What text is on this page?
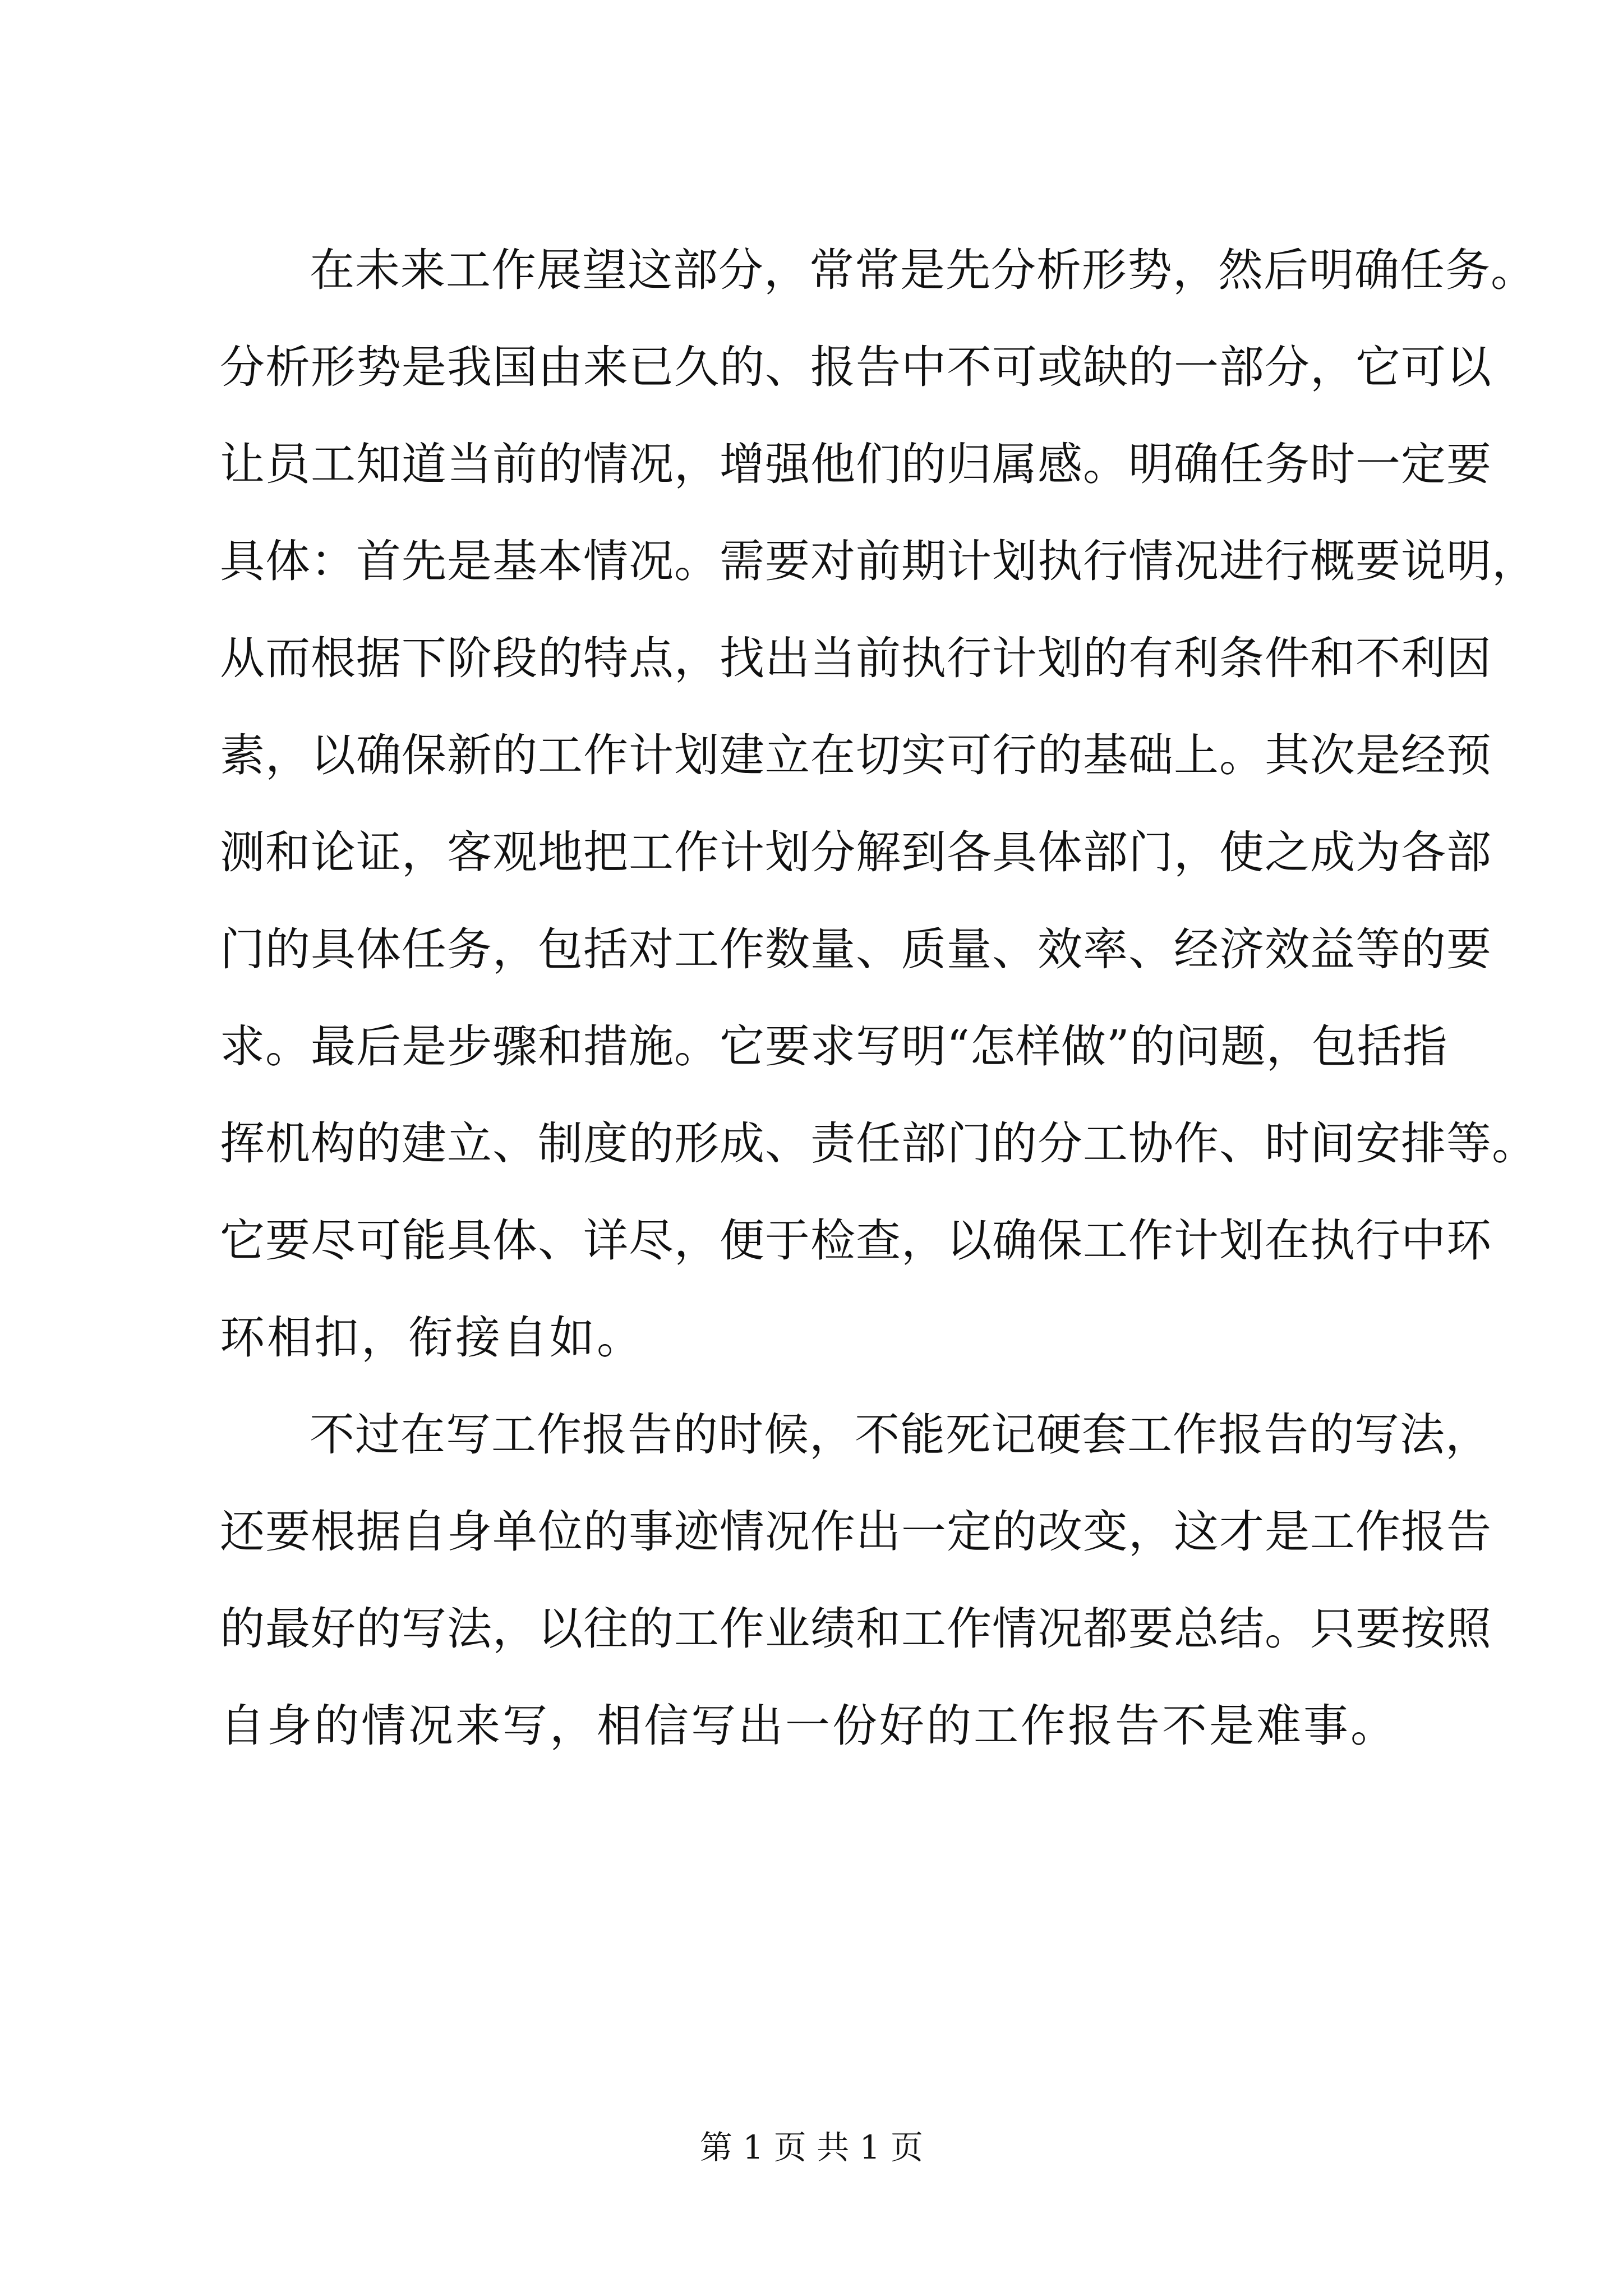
在未来工作展望这部分，常常是先分析形势，然后明确任务。
分析形势是我国由来已久的、报告中不可或缺的一部分，它可以
让员工知道当前的情况，增强他们的归属感。明确任务时一定要
具体：首先是基本情况。需要对前期计划执行情况进行概要说明，
从而根据下阶段的特点，找出当前执行计划的有利条件和不利因
素，以确保新的工作计划建立在切实可行的基础上。其次是经预
测和论证，客观地把工作计划分解到各具体部门，使之成为各部
门的具体任务，包括对工作数量、质量、效率、经济效益等的要
求。最后是步骤和措施。它要求写明“怎样做”的问题，包括指
挥机构的建立、制度的形成、责任部门的分工协作、时间安排等。
它要尽可能具体、详尽，便于检查，以确保工作计划在执行中环
环相扣，衔接自如。
不过在写工作报告的时候，不能死记硬套工作报告的写法，
还要根据自身单位的事迹情况作出一定的改变，这才是工作报告
的最好的写法，以往的工作业绩和工作情况都要总结。只要按照
自身的情况来写，相信写出一份好的工作报告不是难事。
第 1 页 共 1 页
